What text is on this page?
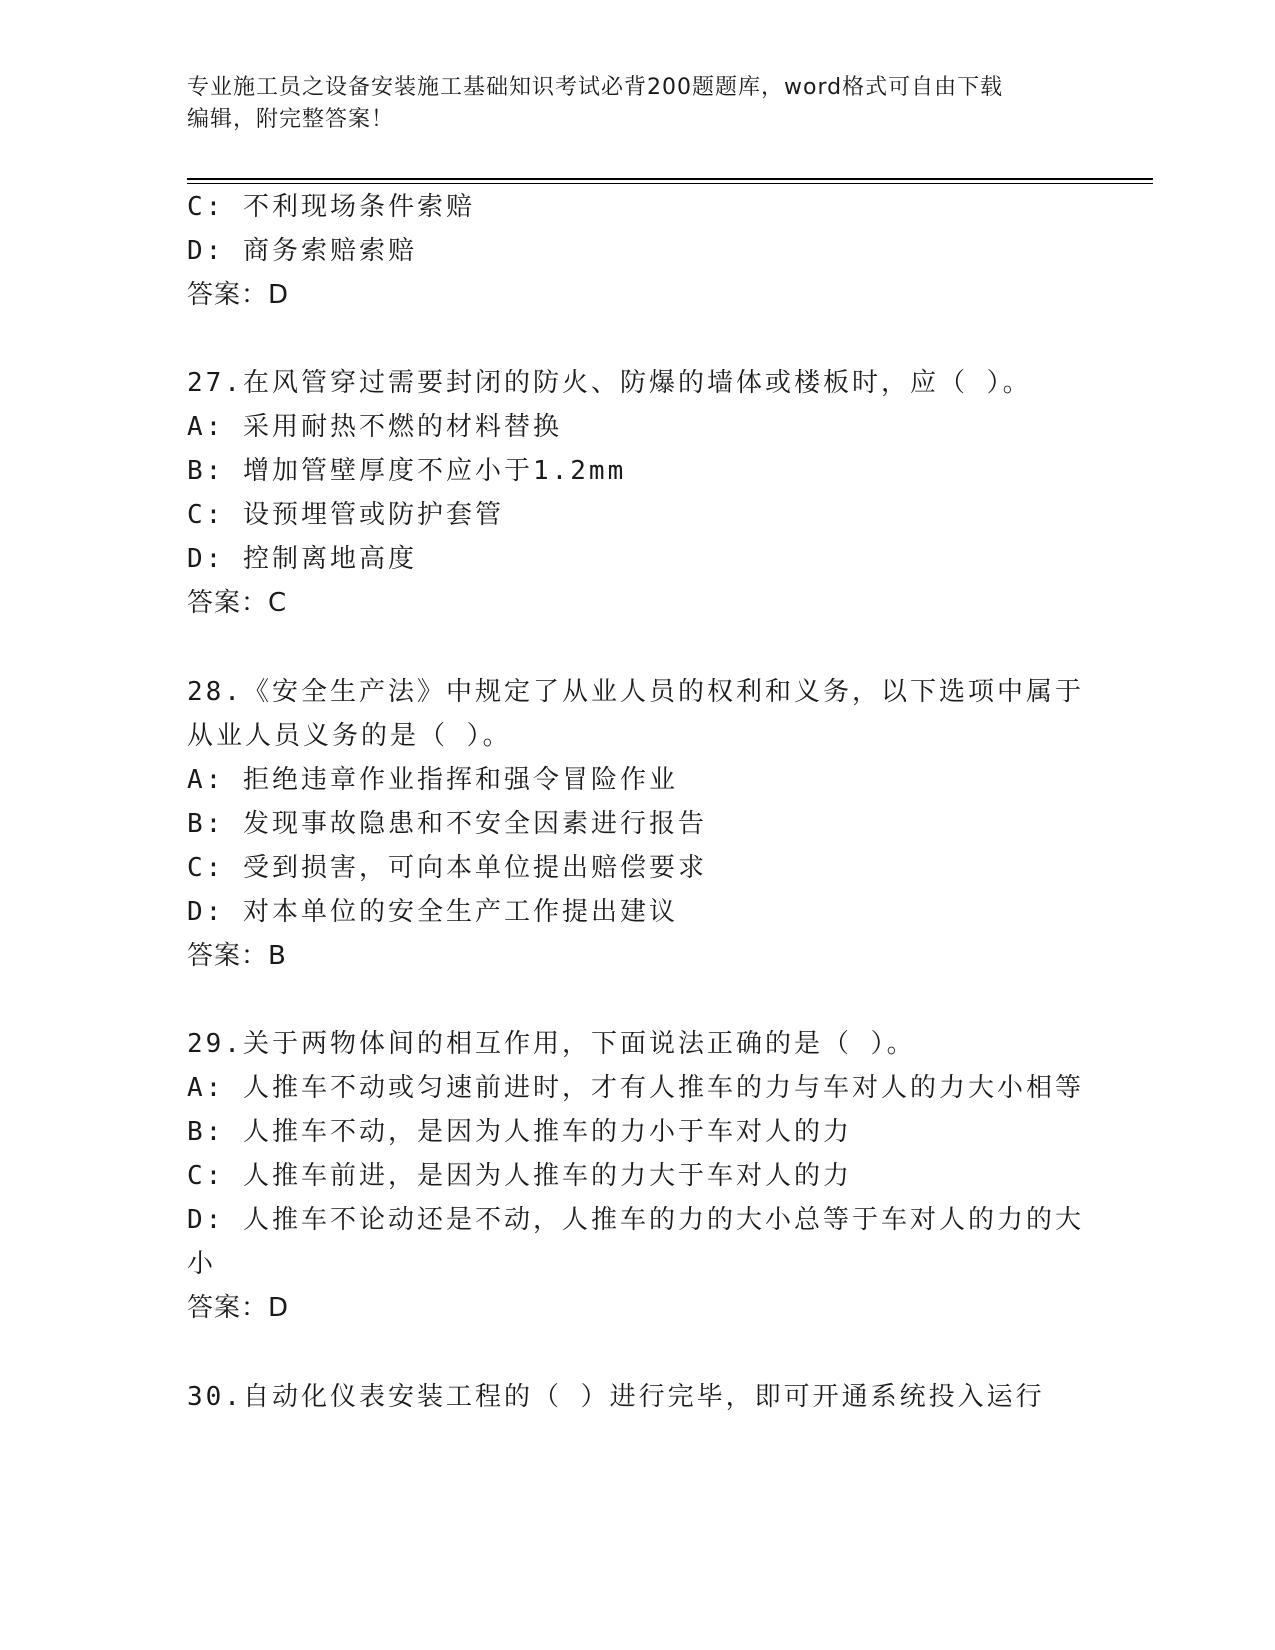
专业施工员之设备安装施工基础知识考试必背200题题库，word格式可自由下载
编辑，附完整答案！
C: 不利现场条件索赔
D: 商务索赔索赔
答案：D
27.在风管穿过需要封闭的防火、防爆的墙体或楼板时，应（ ）。
A: 采用耐热不燃的材料替换
B: 增加管壁厚度不应小于1.2mm
C: 设预埋管或防护套管
D: 控制离地高度
答案：C
28.《安全生产法》中规定了从业人员的权利和义务，以下选项中属于
从业人员义务的是（ ）。
A: 拒绝违章作业指挥和强令冒险作业
B: 发现事故隐患和不安全因素进行报告
C: 受到损害，可向本单位提出赔偿要求
D: 对本单位的安全生产工作提出建议
答案：B
29.关于两物体间的相互作用，下面说法正确的是（ ）。
A: 人推车不动或匀速前进时，才有人推车的力与车对人的力大小相等
B: 人推车不动，是因为人推车的力小于车对人的力
C: 人推车前进，是因为人推车的力大于车对人的力
D: 人推车不论动还是不动，人推车的力的大小总等于车对人的力的大
小
答案：D
30.自动化仪表安装工程的（ ）进行完毕，即可开通系统投入运行
